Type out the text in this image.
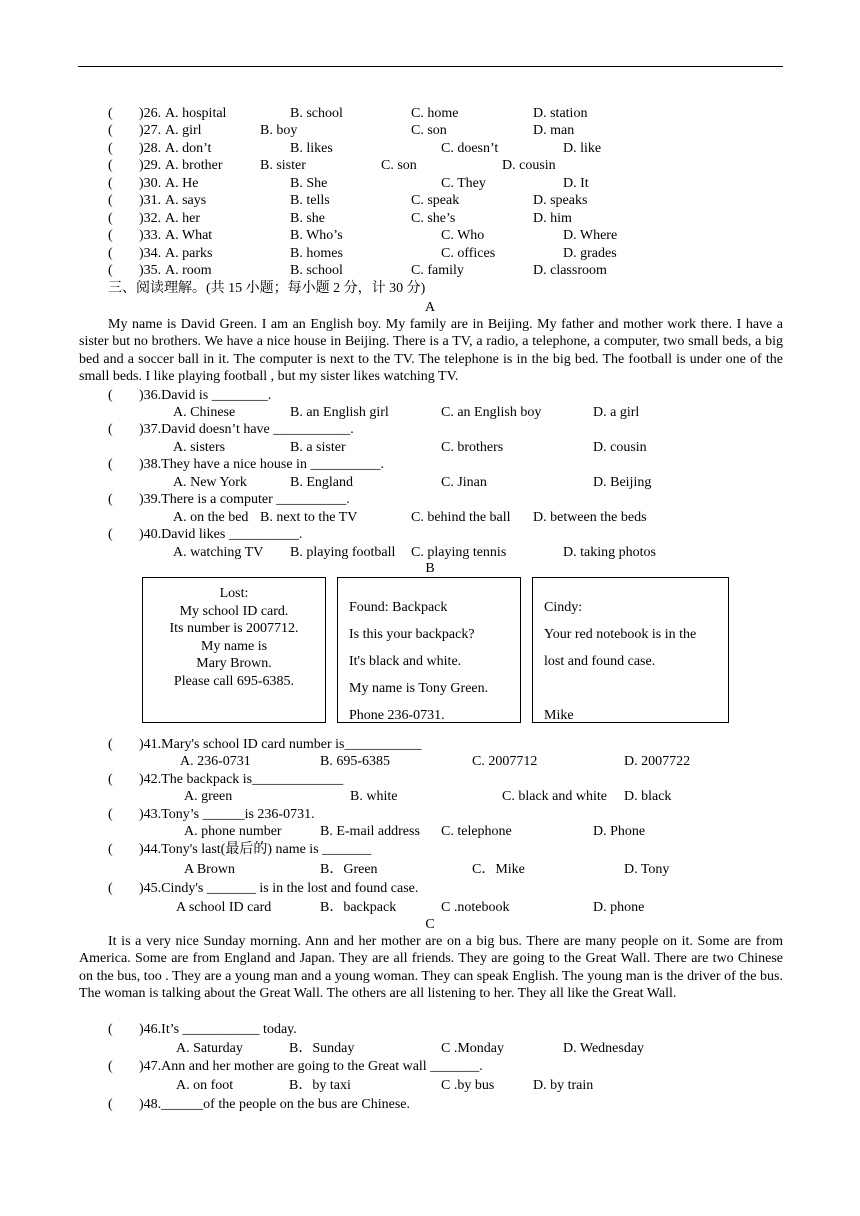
( )26. A. hospital	B. school	C. home	D. station
( )27. A. girl	B. boy	C. son	D. man
( )28. A. don’t	B. likes	C. doesn’t	D. like
( )29. A. brother	B. sister	C. son	D. cousin
( )30. A. He	B. She	C. They	D. It
( )31. A. says	B. tells	C. speak	D. speaks
( )32. A. her	B. she	C. she’s	D. him
( )33. A. What	B. Who’s	C. Who	D. Where
( )34. A. parks	B. homes	C. offices	D. grades
( )35. A. room	B. school	C. family	D. classroom
三、阅读理解。(共 15 小题；每小题 2 分，计 30 分)
A
My name is David Green. I am an English boy. My family are in Beijing. My father and mother work there. I have a sister but no brothers. We have a nice house in Beijing. There is a TV, a radio, a telephone, a computer, two small beds, a big bed and a soccer ball in it. The computer is next to the TV. The telephone is in the big bed. The football is under one of the small beds. I like playing football , but my sister likes watching TV.
( )36.David is ________.
A. Chinese	B. an English girl	C. an English boy	D. a girl
( )37.David doesn’t have ___________.
A. sisters	B. a sister	C. brothers	D. cousin
( )38.They have a nice house in __________.
A. New York	B. England	C. Jinan	D. Beijing
( )39.There is a computer __________.
A. on the bed B. next to the TV	C. behind the ball D. between the beds
( )40.David likes __________.
A. watching TV B. playing football C. playing tennis	D. taking photos
B
Lost:
My school ID card.
Its number is 2007712.
My name is
Mary Brown.
Please call 695-6385.
Found: Backpack
Is this your backpack?
It's black and white.
My name is Tony Green.
Phone 236-0731.
Cindy:
Your red notebook is in the
lost and found case.
Mike
( )41.Mary's school ID card number is___________
A. 236-0731	B. 695-6385	C. 2007712	D. 2007722
( )42.The backpack is_____________
A. green	B. white	C. black and white D. black
( )43.Tony’s ______is 236-0731.
A. phone number	B. E-mail address C. telephone	D. Phone
( )44.Tony's last(最后的) name is _______
A Brown	B．Green	C．Mike	D. Tony
( )45.Cindy's _______ is in the lost and found case.
A school ID card	B．backpack	C .notebook	D. phone
C
It is a very nice Sunday morning. Ann and her mother are on a big bus. There are many people on it. Some are from America. Some are from England and Japan. They are all friends. They are going to the Great Wall. There are two Chinese on the bus, too . They are a young man and a young woman. They can speak English. The young man is the driver of the bus. The woman is talking about the Great Wall. The others are all listening to her. They all like the Great Wall.
( )46.It’s ___________ today.
A. Saturday	B．Sunday	C .Monday	D. Wednesday
( )47.Ann and her mother are going to the Great wall _______.
A. on foot	B．by taxi	C .by bus	D. by train
( )48.______of the people on the bus are Chinese.
